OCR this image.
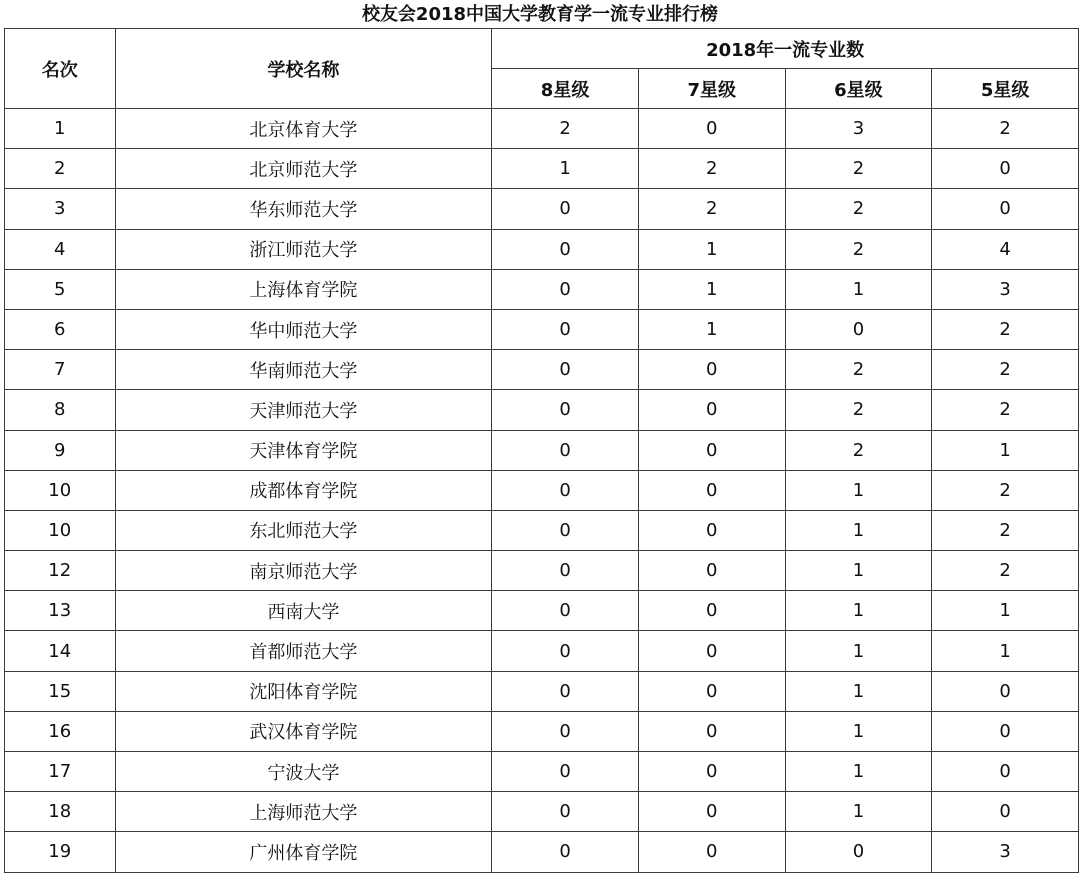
校友会2018中国大学教育学一流专业排行榜
名次	学校名称	2018年一流专业数			
		8星级	7星级	6星级	5星级
1	北京体育大学	2	0	3	2
2	北京师范大学	1	2	2	0
3	华东师范大学	0	2	2	0
4	浙江师范大学	0	1	2	4
5	上海体育学院	0	1	1	3
6	华中师范大学	0	1	0	2
7	华南师范大学	0	0	2	2
8	天津师范大学	0	0	2	2
9	天津体育学院	0	0	2	1
10	成都体育学院	0	0	1	2
10	东北师范大学	0	0	1	2
12	南京师范大学	0	0	1	2
13	西南大学	0	0	1	1
14	首都师范大学	0	0	1	1
15	沈阳体育学院	0	0	1	0
16	武汉体育学院	0	0	1	0
17	宁波大学	0	0	1	0
18	上海师范大学	0	0	1	0
19	广州体育学院	0	0	0	3
